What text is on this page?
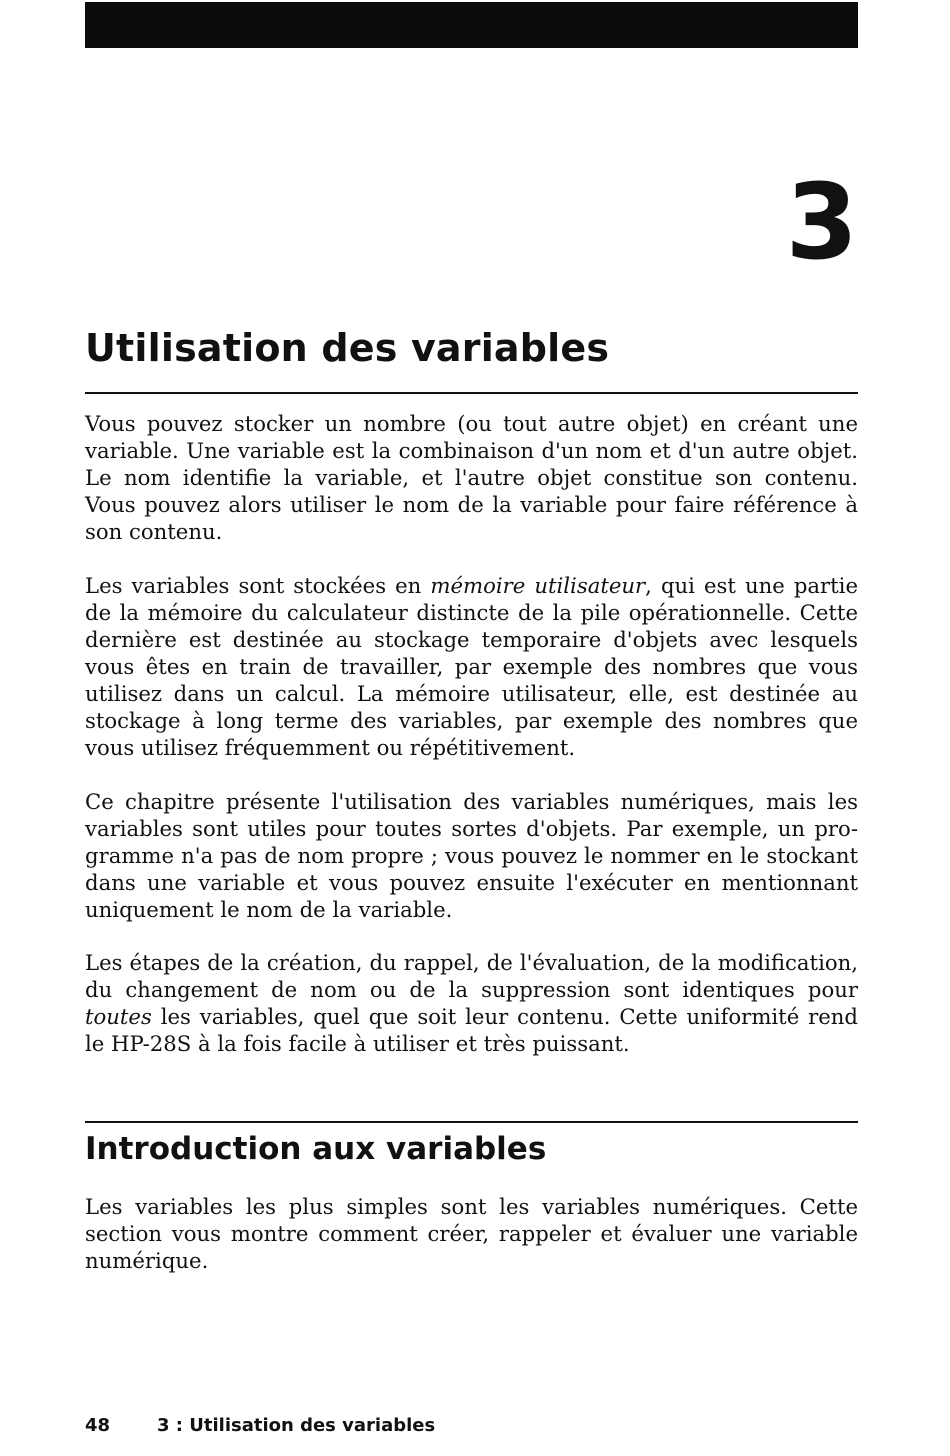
3
Utilisation des variables

Vous pouvez stocker un nombre (ou tout autre objet) en créant une variable. Une variable est la combinaison d'un nom et d'un autre objet. Le nom identifie la variable, et l'autre objet constitue son contenu. Vous pouvez alors utiliser le nom de la variable pour faire référence à son contenu.

Les variables sont stockées en mémoire utilisateur, qui est une partie de la mémoire du calculateur distincte de la pile opérationnelle. Cette dernière est destinée au stockage temporaire d'objets avec lesquels vous êtes en train de travailler, par exemple des nombres que vous utilisez dans un calcul. La mémoire utilisateur, elle, est destinée au stockage à long terme des variables, par exemple des nombres que vous utilisez fréquemment ou répétitivement.

Ce chapitre présente l'utilisation des variables numériques, mais les variables sont utiles pour toutes sortes d'objets. Par exemple, un programme n'a pas de nom propre ; vous pouvez le nommer en le stockant dans une variable et vous pouvez ensuite l'exécuter en mentionnant uniquement le nom de la variable.

Les étapes de la création, du rappel, de l'évaluation, de la modification, du changement de nom ou de la suppression sont identiques pour toutes les variables, quel que soit leur contenu. Cette uniformité rend le HP-28S à la fois facile à utiliser et très puissant.

Introduction aux variables

Les variables les plus simples sont les variables numériques. Cette section vous montre comment créer, rappeler et évaluer une variable numérique.

48	3 : Utilisation des variables
